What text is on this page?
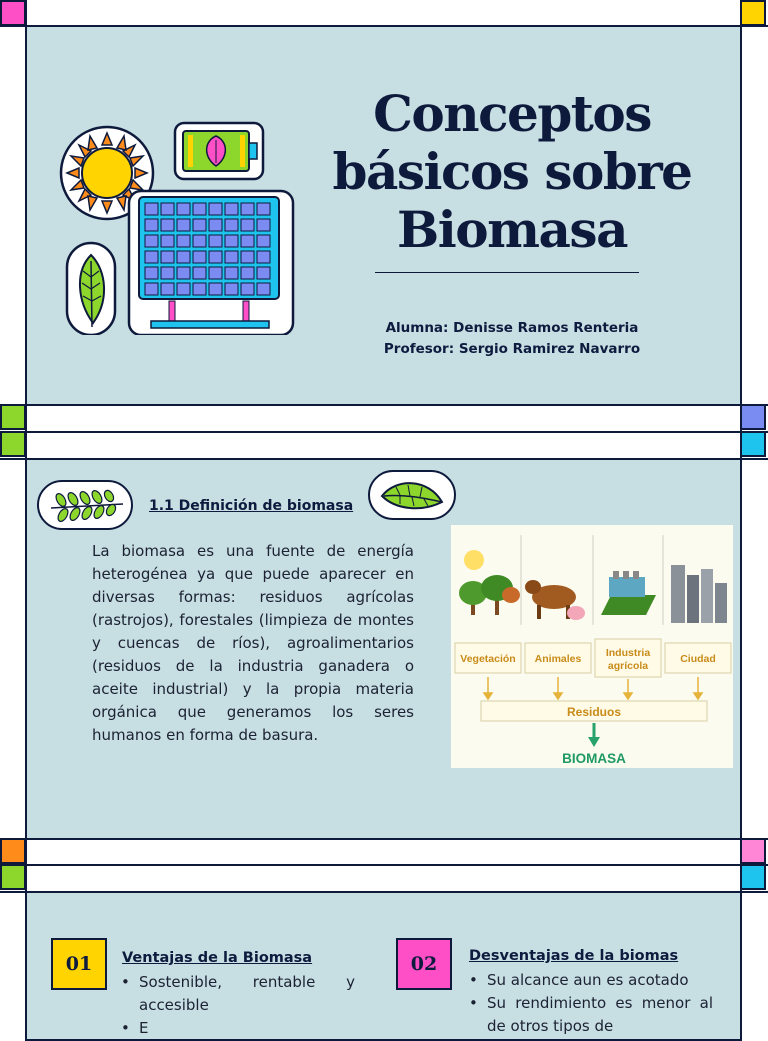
Conceptos
básicos sobre
Biomasa
Alumna: Denisse Ramos Renteria
Profesor: Sergio Ramirez Navarro
1.1 Definición de biomasa

La biomasa es una fuente de energía heterogénea ya que puede aparecer en diversas formas: residuos agrícolas (rastrojos), forestales (limpieza de montes y cuencas de ríos), agroalimentarios (residuos de la industria ganadera o aceite industrial) y la propia materia orgánica que generamos los seres humanos en forma de basura.

Vegetación Animales Industria
agrícola
Ciudad
Residuos
BIOMASA
01	Ventajas de la Biomasa
• Sostenible, rentable y accesible
• E
02	Desventajas de la biomas
• Su alcance aun es acotado
• Su rendimiento es menor al de otros tipos de
